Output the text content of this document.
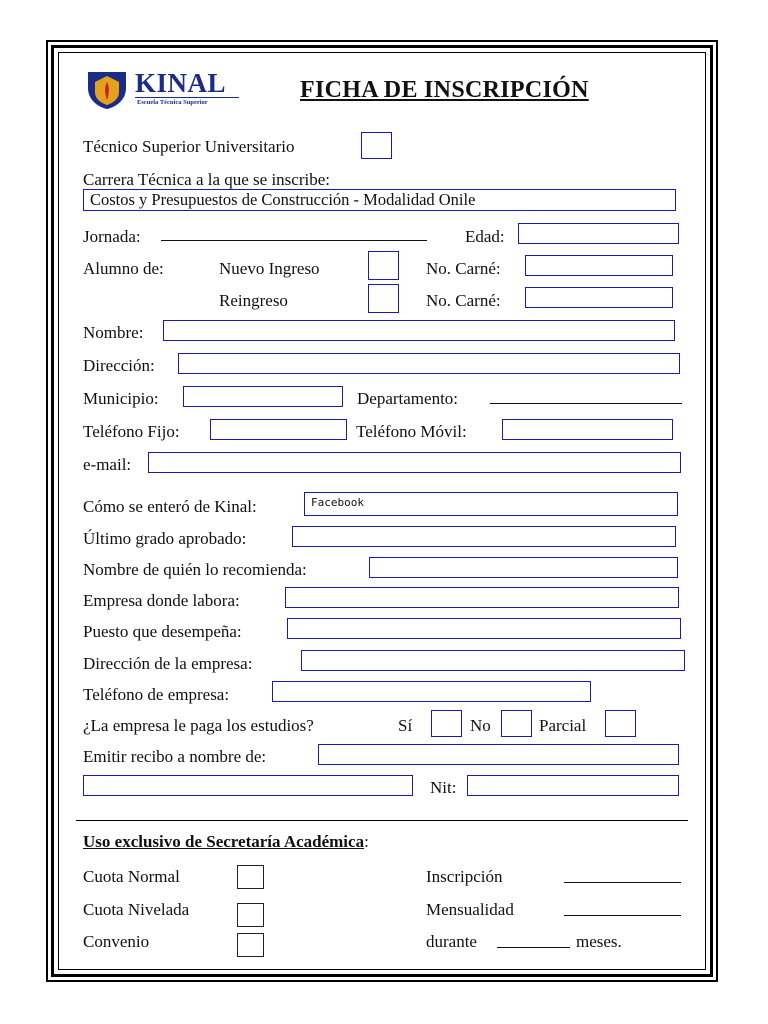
KINAL
Escuela Técnica Superior	FICHA DE INSCRIPCIÓN
Técnico Superior Universitario
Carrera Técnica a la que se inscribe:
Costos y Presupuestos de Construcción - Modalidad Onile
Jornada:	Edad:
Alumno de:	Nuevo Ingreso	No. Carné:
Reingreso	No. Carné:
Nombre:
Dirección:
Municipio:	Departamento:
Teléfono Fijo:	Teléfono Móvil:
e-mail:
Cómo se enteró de Kinal:	Facebook
Último grado aprobado:
Nombre de quién lo recomienda:
Empresa donde labora:
Puesto que desempeña:
Dirección de la empresa:
Teléfono de empresa:
¿La empresa le paga los estudios?	Sí	No	Parcial
Emitir recibo a nombre de:
Nit:
Uso exclusivo de Secretaría Académica:
Cuota Normal	Inscripción
Cuota Nivelada	Mensualidad
Convenio	durante	meses.
